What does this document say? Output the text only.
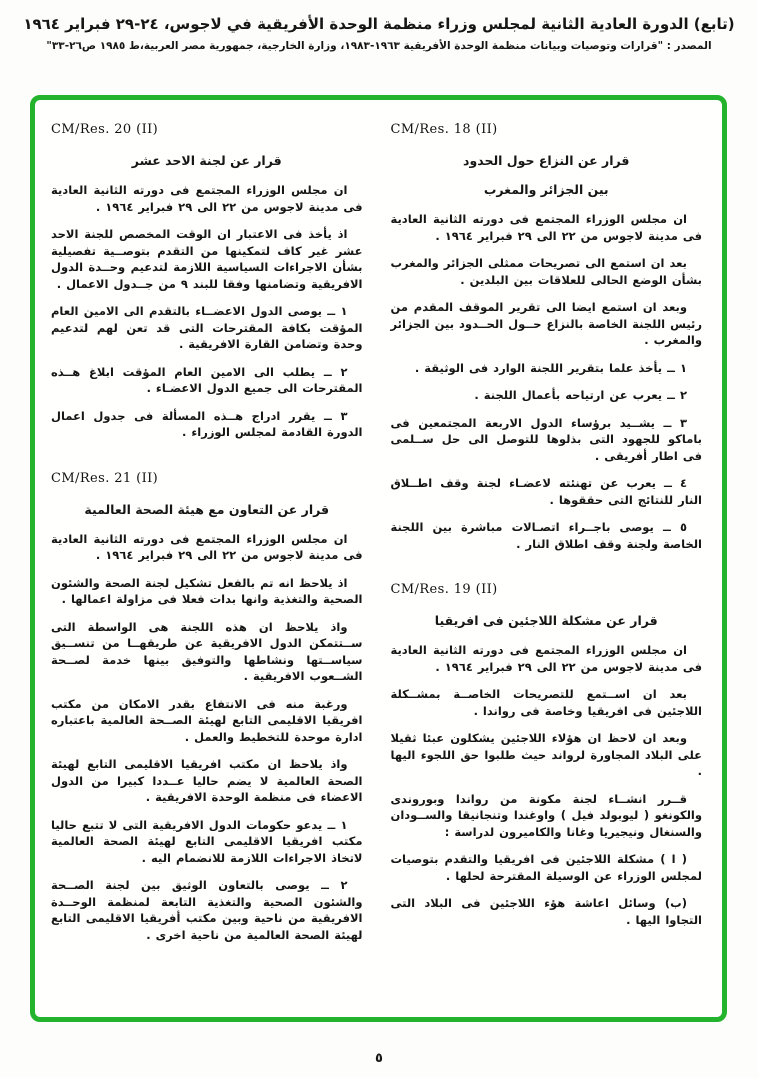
(تابع) الدورة العادية الثانية لمجلس وزراء منظمة الوحدة الأفريقية في لاجوس، ٢٤-٢٩ فبراير ١٩٦٤
المصدر : "قرارات وتوصيات وبيانات منظمة الوحدة الأفريقية ١٩٦٣-١٩٨٣، وزارة الخارجية، جمهورية مصر العربية،ط ١٩٨٥ ص٢٦-٣٣"
CM/Res. 18 (II)
قرار عن النزاع حول الحدود
بين الجزائر والمغرب

ان مجلس الوزراء المجتمع فى دورته الثانية العادية فى مدينة لاجوس من ٢٢ الى ٢٩ فبراير ١٩٦٤ .

بعد ان استمع الى تصريحات ممثلى الجزائر والمغرب بشأن الوضع الحالى للعلاقات بين البلدين .

وبعد ان استمع ايضا الى تقرير الموقف المقدم من رئيس اللجنة الخاصة بالنزاع حــول الحــدود بين الجزائر والمغرب .

١ ــ يأخذ علما بتقرير اللجنة الوارد فى الوثيقة .

٢ ــ يعرب عن ارتياحه بأعمال اللجنة .

٣ ــ يشــيد برؤساء الدول الاربعة المجتمعين فى باماكو للجهود التى بذلوها للتوصل الى حل ســلمى فى اطار أفريقى .

٤ ــ يعرب عن تهنئته لاعضـاء لجنة وقف اطــلاق النار للنتائج التى حققوها .

٥ ــ يوصى باجــراء اتصـالات مباشرة بين اللجنة الخاصة ولجنة وقف اطلاق النار .

CM/Res. 19 (II)
قرار عن مشكلة اللاجئين فى افريقيا

ان مجلس الوزراء المجتمع فى دورته الثانية العادية فى مدينة لاجوس من ٢٢ الى ٢٩ فبراير ١٩٦٤ .

بعد ان اســتمع للتصريحات الخاصــة بمشــكلة اللاجئين فى افريقيا وخاصة فى رواندا .

وبعد ان لاحظ ان هؤلاء اللاجئين يشكلون عبئا ثقيلا على البلاد المجاورة لرواند حيث طلبوا حق اللجوء اليها .

قــرر انشــاء لجنة مكونة من رواندا وبوروندى والكونغو ( ليوبولد فيل ) واوغندا وتنجانيقا والســودان والسنغال ونيجيريا وغانا والكاميرون لدراسة :

( ا ) مشكلة اللاجئين فى افريقيا والتقدم بتوصيات لمجلس الوزراء عن الوسيلة المقترحة لحلها .

(ب) وسائل اعاشة هؤء اللاجئين فى البلاد التى التجاوا اليها .

CM/Res. 20 (II)
قرار عن لجنة الاحد عشر

ان مجلس الوزراء المجتمع فى دورته الثانية العادية فى مدينة لاجوس من ٢٢ الى ٢٩ فبراير ١٩٦٤ .

اذ يأخذ فى الاعتبار ان الوقت المخصص للجنة الاحد عشر غير كاف لتمكينها من التقدم بتوصــية تفصيلية بشأن الاجراءات السياسية اللازمة لتدعيم وحــدة الدول الافريقية وتضامنها وفقا للبند ٩ من جــدول الاعمال .

١ ــ يوصى الدول الاعضــاء بالتقدم الى الامين العام المؤقت بكافة المقترحات التى قد تعن لهم لتدعيم وحدة وتضامن القارة الافريقية .

٢ ــ يطلب الى الامين العام المؤقت ابلاغ هــذه المقترحات الى جميع الدول الاعضـاء .

٣ ــ يقرر ادراج هــذه المسألة فى جدول اعمال الدورة القادمة لمجلس الوزراء .

CM/Res. 21 (II)
قرار عن التعاون مع هيئة الصحة العالمية

ان مجلس الوزراء المجتمع فى دورته الثانية العادية فى مدينة لاجوس من ٢٢ الى ٢٩ فبراير ١٩٦٤ .

اذ يلاحظ انه تم بالفعل تشكيل لجنة الصحة والشئون الصحية والتغذية وانها بدات فعلا فى مزاولة اعمالها .

واذ يلاحظ ان هذه اللجنة هى الواسطة التى ســتتمكن الدول الافريقية عن طريقهــا من تنســيق سياســتها ونشاطها والتوفيق بينها خدمة لصــحة الشــعوب الافريقية .

ورغبة منه فى الانتفاع بقدر الامكان من مكتب افريقيا الاقليمى التابع لهيئة الصــحة العالمية باعتباره ادارة موحدة للتخطيط والعمل .

واذ يلاحظ ان مكتب افريقيا الاقليمى التابع لهيئة الصحة العالمية لا يضم حاليا عــددا كبيرا من الدول الاعضاء فى منظمة الوحدة الافريقية .

١ ــ يدعو حكومات الدول الافريقية التى لا تتبع حاليا مكتب افريقيا الاقليمى التابع لهيئة الصحة العالمية لاتخاذ الاجراءات اللازمة للانضمام اليه .

٢ ــ يوصى بالتعاون الوثيق بين لجنة الصــحة والشئون الصحية والتغذية التابعة لمنظمة الوحــدة الافريقية من ناحية وبين مكتب أفريقيا الاقليمى التابع لهيئة الصحة العالمية من ناحية اخرى .

٥
